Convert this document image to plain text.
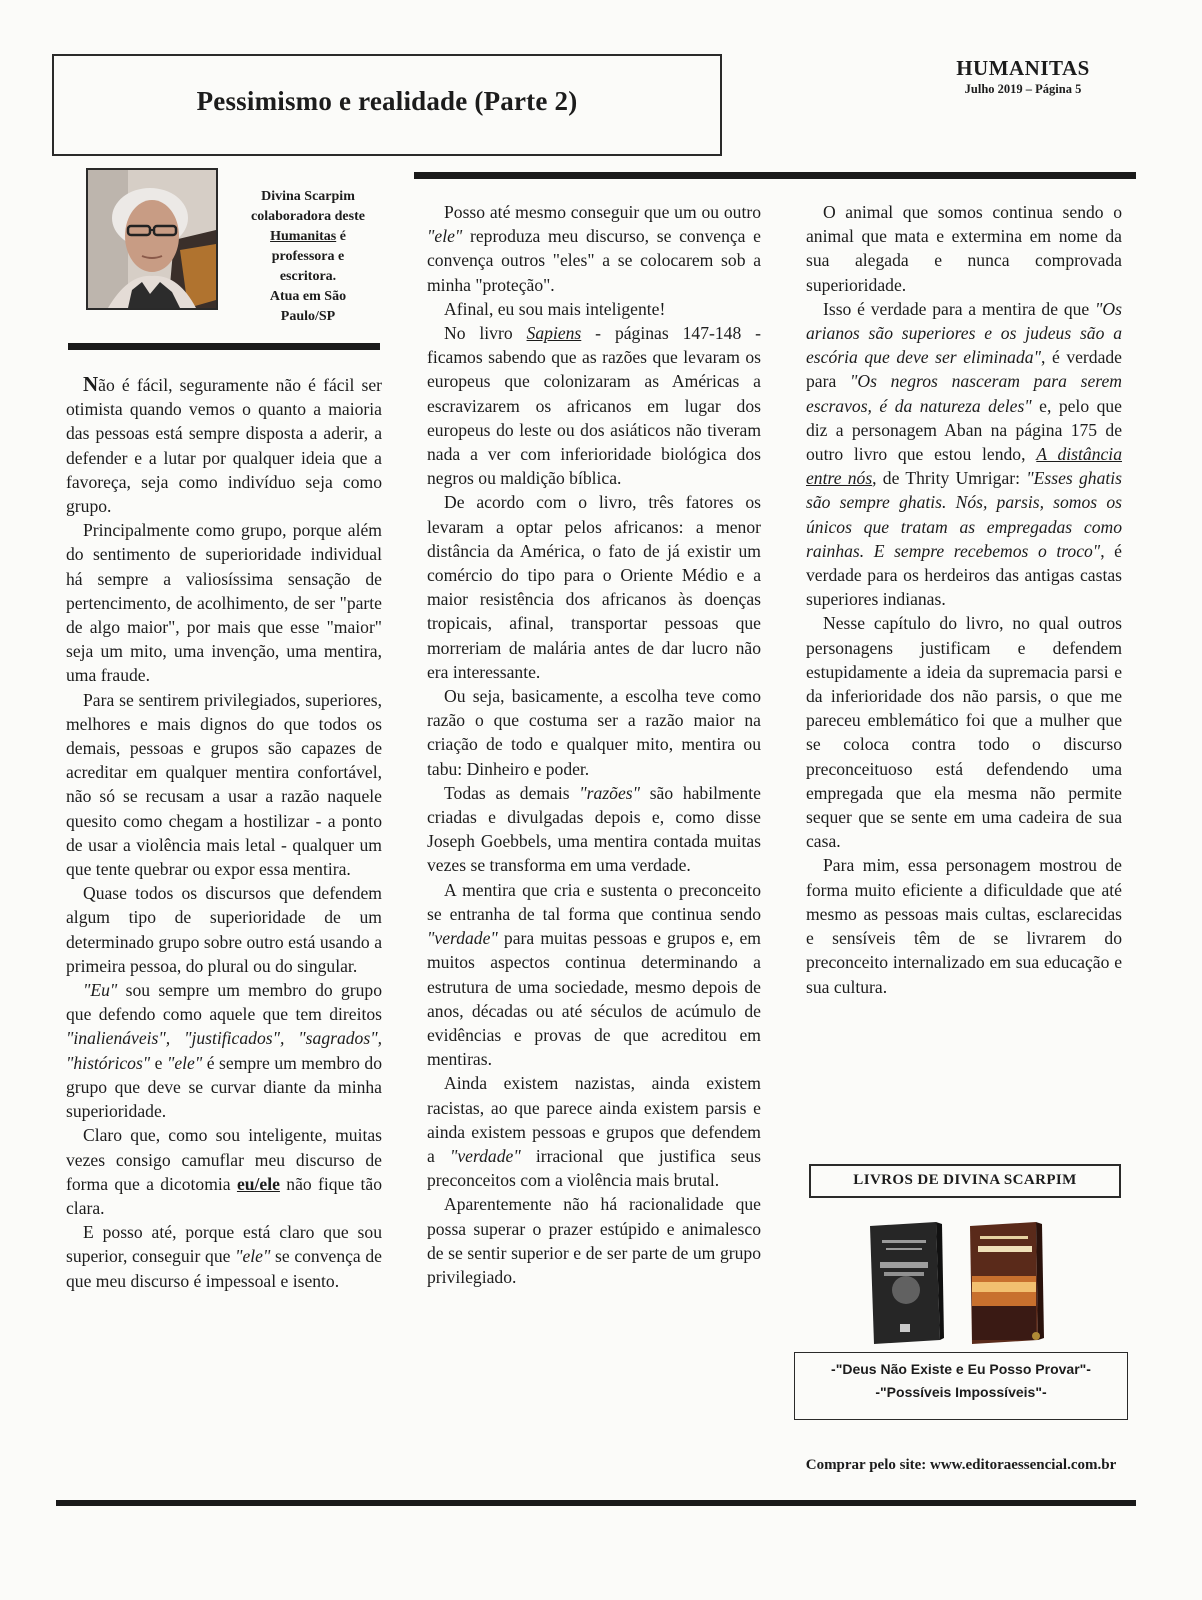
Pessimismo e realidade (Parte 2)
HUMANITAS
Julho 2019 – Página 5
Divina Scarpim
colaboradora deste
Humanitas é
professora e
escritora.
Atua em São
Paulo/SP

Não é fácil, seguramente não é fácil ser otimista quando vemos o quanto a maioria das pessoas está sempre disposta a aderir, a defender e a lutar por qualquer ideia que a favoreça, seja como indivíduo seja como grupo.

Principalmente como grupo, porque além do sentimento de superioridade individual há sempre a valiosíssima sensação de pertencimento, de acolhimento, de ser "parte de algo maior", por mais que esse "maior" seja um mito, uma invenção, uma mentira, uma fraude.

Para se sentirem privilegiados, superiores, melhores e mais dignos do que todos os demais, pessoas e grupos são capazes de acreditar em qualquer mentira confortável, não só se recusam a usar a razão naquele quesito como chegam a hostilizar - a ponto de usar a violência mais letal - qualquer um que tente quebrar ou expor essa mentira.

Quase todos os discursos que defendem algum tipo de superioridade de um determinado grupo sobre outro está usando a primeira pessoa, do plural ou do singular.

"Eu" sou sempre um membro do grupo que defendo como aquele que tem direitos "inalienáveis", "justificados", "sagrados", "históricos" e "ele" é sempre um membro do grupo que deve se curvar diante da minha superioridade.

Claro que, como sou inteligente, muitas vezes consigo camuflar meu discurso de forma que a dicotomia eu/ele não fique tão clara.

E posso até, porque está claro que sou superior, conseguir que "ele" se convença de que meu discurso é impessoal e isento.

Posso até mesmo conseguir que um ou outro "ele" reproduza meu discurso, se convença e convença outros "eles" a se colocarem sob a minha "proteção".

Afinal, eu sou mais inteligente!

No livro Sapiens - páginas 147-148 - ficamos sabendo que as razões que levaram os europeus que colonizaram as Américas a escravizarem os africanos em lugar dos europeus do leste ou dos asiáticos não tiveram nada a ver com inferioridade biológica dos negros ou maldição bíblica.

De acordo com o livro, três fatores os levaram a optar pelos africanos: a menor distância da América, o fato de já existir um comércio do tipo para o Oriente Médio e a maior resistência dos africanos às doenças tropicais, afinal, transportar pessoas que morreriam de malária antes de dar lucro não era interessante.

Ou seja, basicamente, a escolha teve como razão o que costuma ser a razão maior na criação de todo e qualquer mito, mentira ou tabu: Dinheiro e poder.

Todas as demais "razões" são habilmente criadas e divulgadas depois e, como disse Joseph Goebbels, uma mentira contada muitas vezes se transforma em uma verdade.

A mentira que cria e sustenta o preconceito se entranha de tal forma que continua sendo "verdade" para muitas pessoas e grupos e, em muitos aspectos continua determinando a estrutura de uma sociedade, mesmo depois de anos, décadas ou até séculos de acúmulo de evidências e provas de que acreditou em mentiras.

Ainda existem nazistas, ainda existem racistas, ao que parece ainda existem parsis e ainda existem pessoas e grupos que defendem a "verdade" irracional que justifica seus preconceitos com a violência mais brutal.

Aparentemente não há racionalidade que possa superar o prazer estúpido e animalesco de se sentir superior e de ser parte de um grupo privilegiado.

O animal que somos continua sendo o animal que mata e extermina em nome da sua alegada e nunca comprovada superioridade.

Isso é verdade para a mentira de que "Os arianos são superiores e os judeus são a escória que deve ser eliminada", é verdade para "Os negros nasceram para serem escravos, é da natureza deles" e, pelo que diz a personagem Aban na página 175 de outro livro que estou lendo, A distância entre nós, de Thrity Umrigar: "Esses ghatis são sempre ghatis. Nós, parsis, somos os únicos que tratam as empregadas como rainhas. E sempre recebemos o troco", é verdade para os herdeiros das antigas castas superiores indianas.

Nesse capítulo do livro, no qual outros personagens justificam e defendem estupidamente a ideia da supremacia parsi e da inferioridade dos não parsis, o que me pareceu emblemático foi que a mulher que se coloca contra todo o discurso preconceituoso está defendendo uma empregada que ela mesma não permite sequer que se sente em uma cadeira de sua casa.

Para mim, essa personagem mostrou de forma muito eficiente a dificuldade que até mesmo as pessoas mais cultas, esclarecidas e sensíveis têm de se livrarem do preconceito internalizado em sua educação e sua cultura.

LIVROS DE DIVINA SCARPIM
-"Deus Não Existe e Eu Posso Provar"-
-"Possíveis Impossíveis"-
Comprar pelo site: www.editoraessencial.com.br
